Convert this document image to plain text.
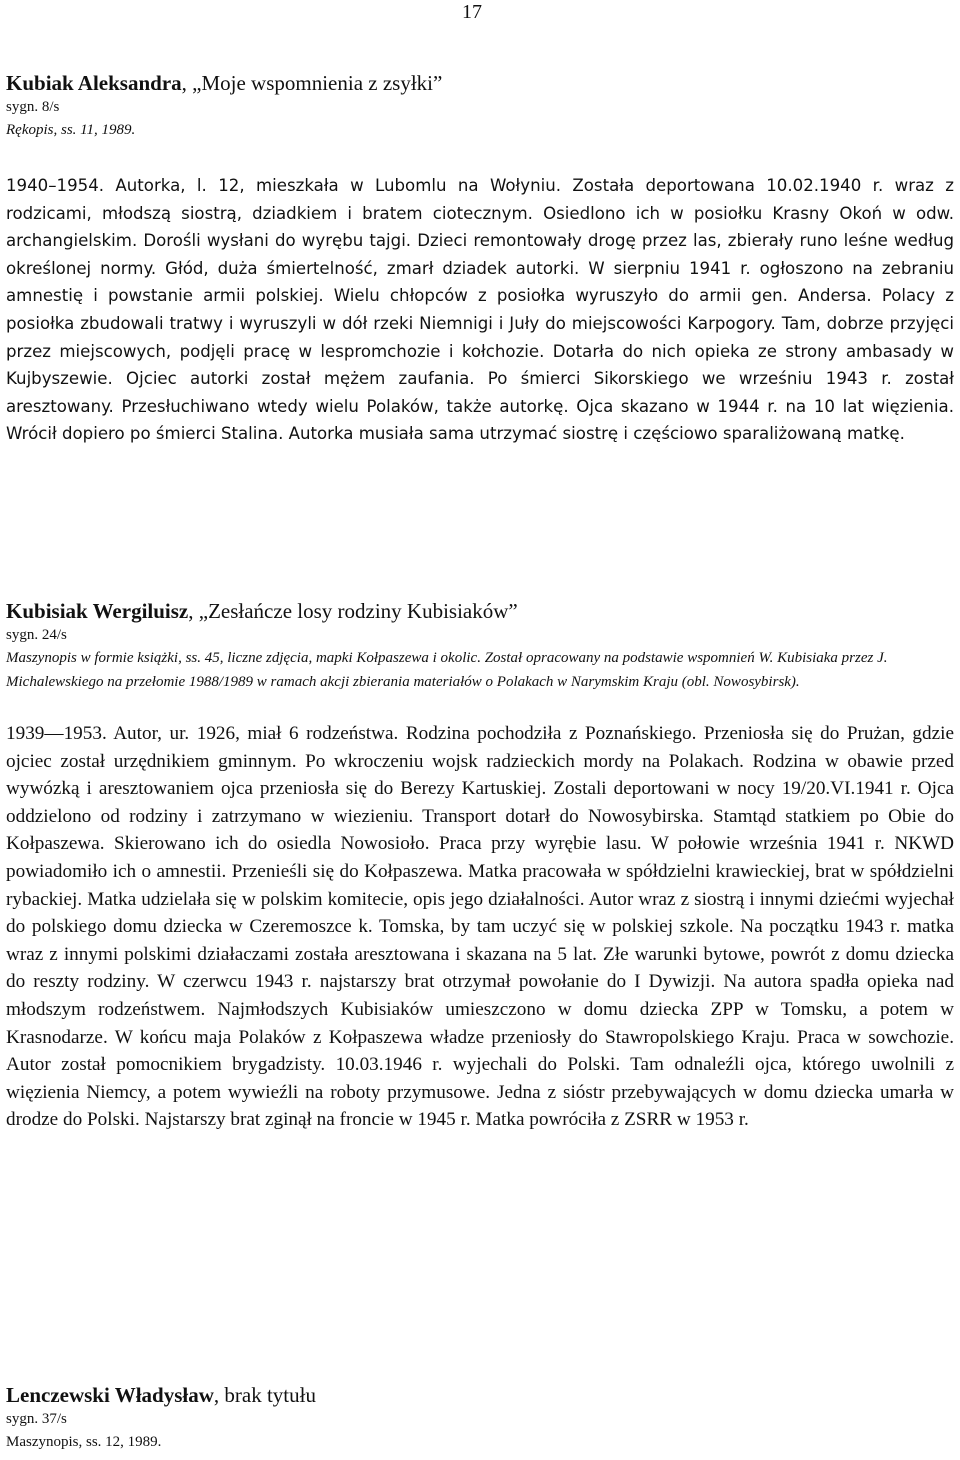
17
Kubiak Aleksandra, „Moje wspomnienia z zsyłki”
sygn. 8/s
Rękopis, ss. 11, 1989.
1940–1954. Autorka, l. 12, mieszkała w Lubomlu na Wołyniu. Została deportowana 10.02.1940 r. wraz z rodzicami, młodszą siostrą, dziadkiem i bratem ciotecznym. Osiedlono ich w posiołku Krasny Okoń w odw. archangielskim. Dorośli wysłani do wyrębu tajgi. Dzieci remontowały drogę przez las, zbierały runo leśne według określonej normy. Głód, duża śmiertelność, zmarł dziadek autorki. W sierpniu 1941 r. ogłoszono na zebraniu amnestię i powstanie armii polskiej. Wielu chłopców z posiołka wyruszyło do armii gen. Andersa. Polacy z posiołka zbudowali tratwy i wyruszyli w dół rzeki Niemnigi i Juły do miejscowości Karpogory. Tam, dobrze przyjęci przez miejscowych, podjęli pracę w lespromchozie i kołchozie. Dotarła do nich opieka ze strony ambasady w Kujbyszewie. Ojciec autorki został mężem zaufania. Po śmierci Sikorskiego we wrześniu 1943 r. został aresztowany. Przesłuchiwano wtedy wielu Polaków, także autorkę. Ojca skazano w 1944 r. na 10 lat więzienia. Wrócił dopiero po śmierci Stalina. Autorka musiała sama utrzymać siostrę i częściowo sparaliżowaną matkę.
Kubisiak Wergiluisz, „Zesłańcze losy rodziny Kubisiaków”
sygn. 24/s
Maszynopis w formie książki, ss. 45, liczne zdjęcia, mapki Kołpaszewa i okolic. Został opracowany na podstawie wspomnień W. Kubisiaka przez J. Michalewskiego na przełomie 1988/1989 w ramach akcji zbierania materiałów o Polakach w Narymskim Kraju (obl. Nowosybirsk).
1939—1953. Autor, ur. 1926, miał 6 rodzeństwa. Rodzina pochodziła z Poznańskiego. Przeniosła się do Prużan, gdzie ojciec został urzędnikiem gminnym. Po wkroczeniu wojsk radzieckich mordy na Polakach. Rodzina w obawie przed wywózką i aresztowaniem ojca przeniosła się do Berezy Kartuskiej. Zostali deportowani w nocy 19/20.VI.1941 r. Ojca oddzielono od rodziny i zatrzymano w wiezieniu. Transport dotarł do Nowosybirska. Stamtąd statkiem po Obie do Kołpaszewa. Skierowano ich do osiedla Nowosioło. Praca przy wyrębie lasu. W połowie września 1941 r. NKWD powiadomiło ich o amnestii. Przenieśli się do Kołpaszewa. Matka pracowała w spółdzielni krawieckiej, brat w spółdzielni rybackiej. Matka udzielała się w polskim komitecie, opis jego działalności. Autor wraz z siostrą i innymi dziećmi wyjechał do polskiego domu dziecka w Czeremoszce k. Tomska, by tam uczyć się w polskiej szkole. Na początku 1943 r. matka wraz z innymi polskimi działaczami została aresztowana i skazana na 5 lat. Złe warunki bytowe, powrót z domu dziecka do reszty rodziny. W czerwcu 1943 r. najstarszy brat otrzymał powołanie do I Dywizji. Na autora spadła opieka nad młodszym rodzeństwem. Najmłodszych Kubisiaków umieszczono w domu dziecka ZPP w Tomsku, a potem w Krasnodarze. W końcu maja Polaków z Kołpaszewa władze przeniosły do Stawropolskiego Kraju. Praca w sowchozie. Autor został pomocnikiem brygadzisty. 10.03.1946 r. wyjechali do Polski. Tam odnaleźli ojca, którego uwolnili z więzienia Niemcy, a potem wywieźli na roboty przymusowe. Jedna z sióstr przebywających w domu dziecka umarła w drodze do Polski. Najstarszy brat zginął na froncie w 1945 r. Matka powróciła z ZSRR w 1953 r.
Lenczewski Władysław, brak tytułu
sygn. 37/s
Maszynopis, ss. 12, 1989.
